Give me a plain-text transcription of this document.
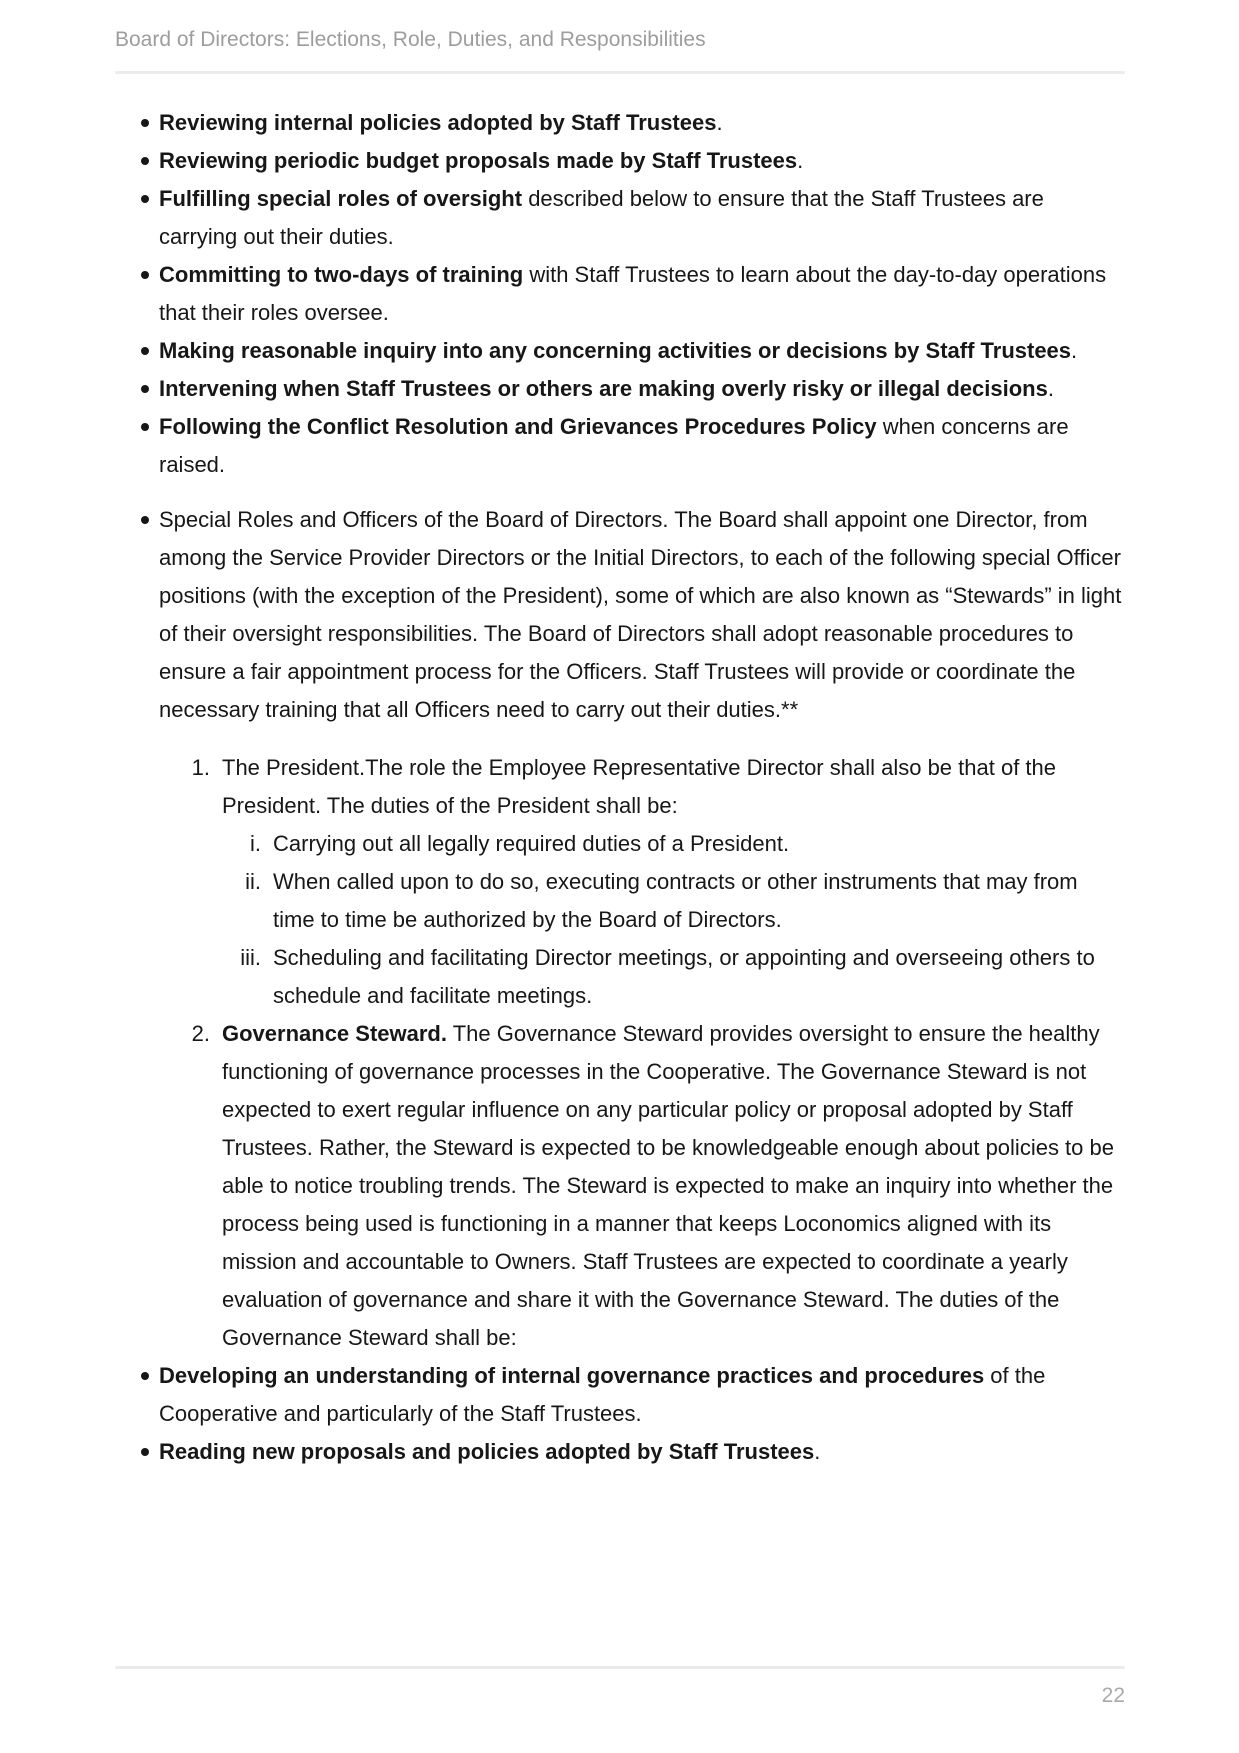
Board of Directors: Elections, Role, Duties, and Responsibilities
Reviewing internal policies adopted by Staff Trustees.
Reviewing periodic budget proposals made by Staff Trustees.
Fulfilling special roles of oversight described below to ensure that the Staff Trustees are carrying out their duties.
Committing to two-days of training with Staff Trustees to learn about the day-to-day operations that their roles oversee.
Making reasonable inquiry into any concerning activities or decisions by Staff Trustees.
Intervening when Staff Trustees or others are making overly risky or illegal decisions.
Following the Conflict Resolution and Grievances Procedures Policy when concerns are raised.
Special Roles and Officers of the Board of Directors. The Board shall appoint one Director, from among the Service Provider Directors or the Initial Directors, to each of the following special Officer positions (with the exception of the President), some of which are also known as “Stewards” in light of their oversight responsibilities. The Board of Directors shall adopt reasonable procedures to ensure a fair appointment process for the Officers. Staff Trustees will provide or coordinate the necessary training that all Officers need to carry out their duties.**
1. The President.The role the Employee Representative Director shall also be that of the President. The duties of the President shall be:
i. Carrying out all legally required duties of a President.
ii. When called upon to do so, executing contracts or other instruments that may from time to time be authorized by the Board of Directors.
iii. Scheduling and facilitating Director meetings, or appointing and overseeing others to schedule and facilitate meetings.
2. Governance Steward. The Governance Steward provides oversight to ensure the healthy functioning of governance processes in the Cooperative. The Governance Steward is not expected to exert regular influence on any particular policy or proposal adopted by Staff Trustees. Rather, the Steward is expected to be knowledgeable enough about policies to be able to notice troubling trends. The Steward is expected to make an inquiry into whether the process being used is functioning in a manner that keeps Loconomics aligned with its mission and accountable to Owners. Staff Trustees are expected to coordinate a yearly evaluation of governance and share it with the Governance Steward. The duties of the Governance Steward shall be:
Developing an understanding of internal governance practices and procedures of the Cooperative and particularly of the Staff Trustees.
Reading new proposals and policies adopted by Staff Trustees.
22
